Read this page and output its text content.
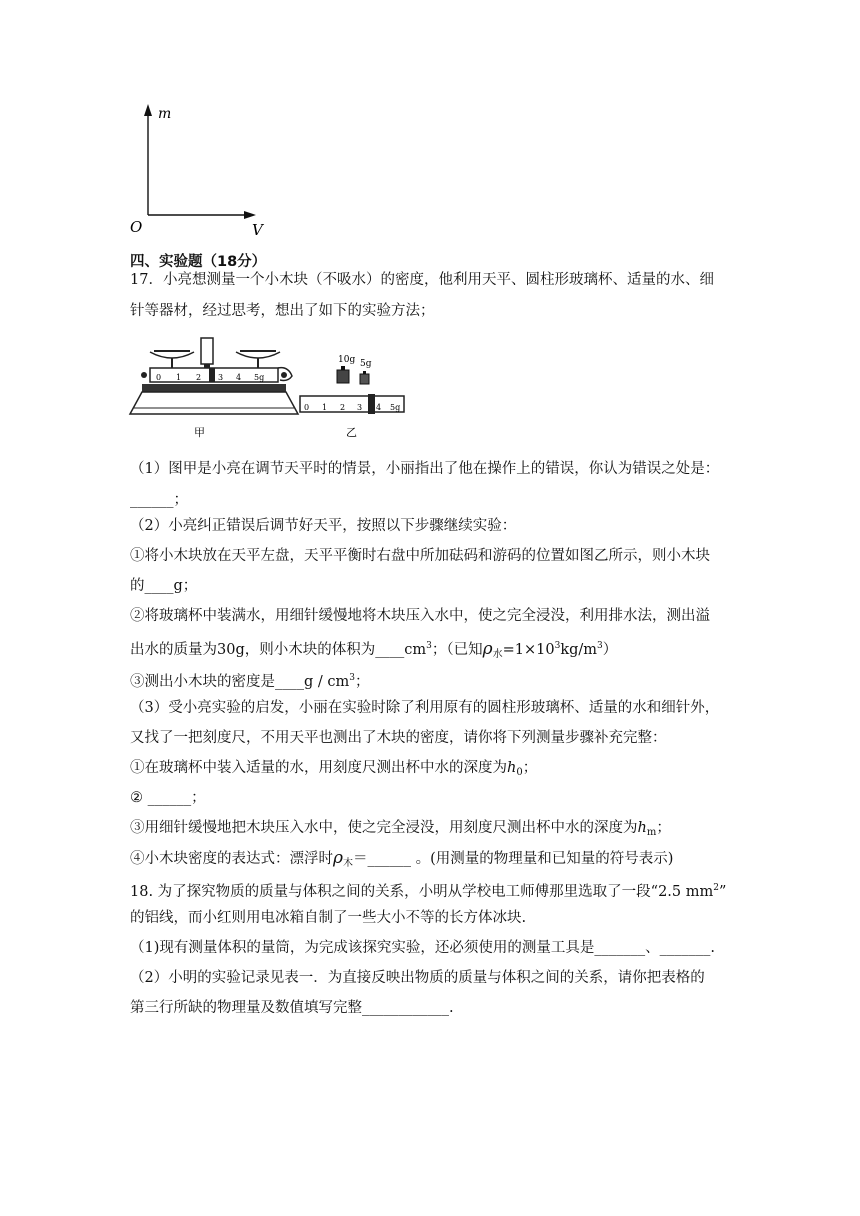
m
V
O
四、实验题（18分）
17．小亮想测量一个小木块（不吸水）的密度，他利用天平、圆柱形玻璃杯、适量的水、细
针等器材，经过思考，想出了如下的实验方法；
0 1 2 3 4 5g
甲
10g 5g
0 1 2 3 4 5g
乙
（1）图甲是小亮在调节天平时的情景，小丽指出了他在操作上的错误，你认为错误之处是：
______；
（2）小亮纠正错误后调节好天平，按照以下步骤继续实验：
①将小木块放在天平左盘，天平平衡时右盘中所加砝码和游码的位置如图乙所示，则小木块
的____g；
②将玻璃杯中装满水，用细针缓慢地将木块压入水中，使之完全浸没，利用排水法，测出溢
出水的质量为30g，则小木块的体积为$\_\_\_\_cm^3$；（已知$\rho_水=1\times 10^3kg/m^3$）
③测出小木块的密度是____g / $cm^3$；
（3）受小亮实验的启发，小丽在实验时除了利用原有的圆柱形玻璃杯、适量的水和细针外，
又找了一把刻度尺，不用天平也测出了木块的密度，请你将下列测量步骤补充完整：
①在玻璃杯中装入适量的水，用刻度尺测出杯中水的深度为$h_0$；
② ______；
③用细针缓慢地把木块压入水中，使之完全浸没，用刻度尺测出杯中水的深度为$h_m$；
④小木块密度的表达式：漂浮时$\rho_木=\_\_\_\_\_\_$ 。(用测量的物理量和已知量的符号表示)
18. 为了探究物质的质量与体积之间的关系，小明从学校电工师傅那里选取了一段“2.5 $mm^2$”
的铝线，而小红则用电冰箱自制了一些大小不等的长方体冰块.
（1)现有测量体积的量筒，为完成该探究实验，还必须使用的测量工具是_______、_______.
（2）小明的实验记录见表一．为直接反映出物质的质量与体积之间的关系，请你把表格的
第三行所缺的物理量及数值填写完整____________.
